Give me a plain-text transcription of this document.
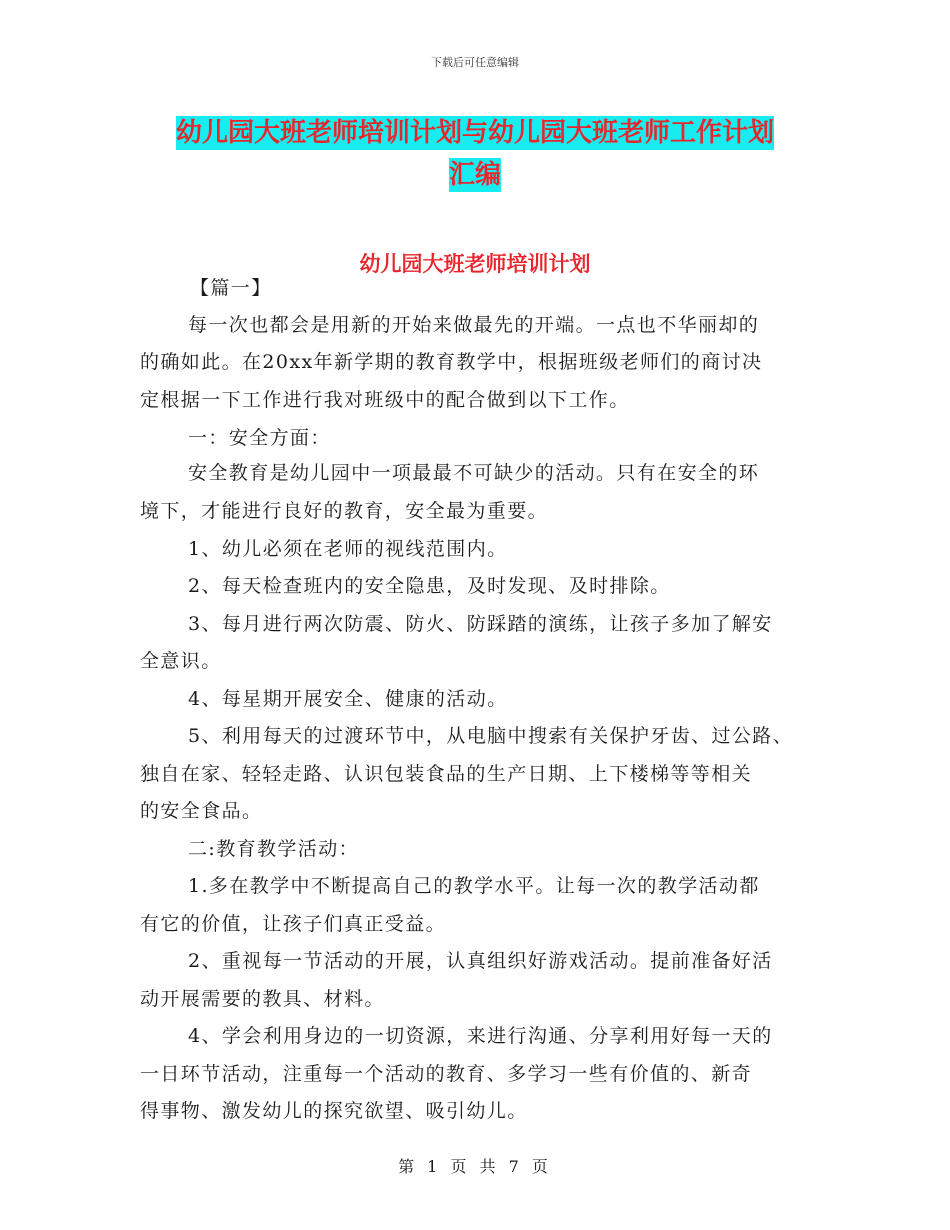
下载后可任意编辑
幼儿园大班老师培训计划与幼儿园大班老师工作计划
汇编
幼儿园大班老师培训计划
【篇一】
每一次也都会是用新的开始来做最先的开端。一点也不华丽却的
的确如此。在20xx年新学期的教育教学中，根据班级老师们的商讨决
定根据一下工作进行我对班级中的配合做到以下工作。
一：安全方面：
安全教育是幼儿园中一项最最不可缺少的活动。只有在安全的环
境下，才能进行良好的教育，安全最为重要。
1、幼儿必须在老师的视线范围内。
2、每天检查班内的安全隐患，及时发现、及时排除。
3、每月进行两次防震、防火、防踩踏的演练，让孩子多加了解安
全意识。
4、每星期开展安全、健康的活动。
5、利用每天的过渡环节中，从电脑中搜索有关保护牙齿、过公路、
独自在家、轻轻走路、认识包装食品的生产日期、上下楼梯等等相关
的安全食品。
二:教育教学活动：
1.多在教学中不断提高自己的教学水平。让每一次的教学活动都
有它的价值，让孩子们真正受益。
2、重视每一节活动的开展，认真组织好游戏活动。提前准备好活
动开展需要的教具、材料。
4、学会利用身边的一切资源，来进行沟通、分享利用好每一天的
一日环节活动，注重每一个活动的教育、多学习一些有价值的、新奇
得事物、激发幼儿的探究欲望、吸引幼儿。
第 1 页 共 7 页
